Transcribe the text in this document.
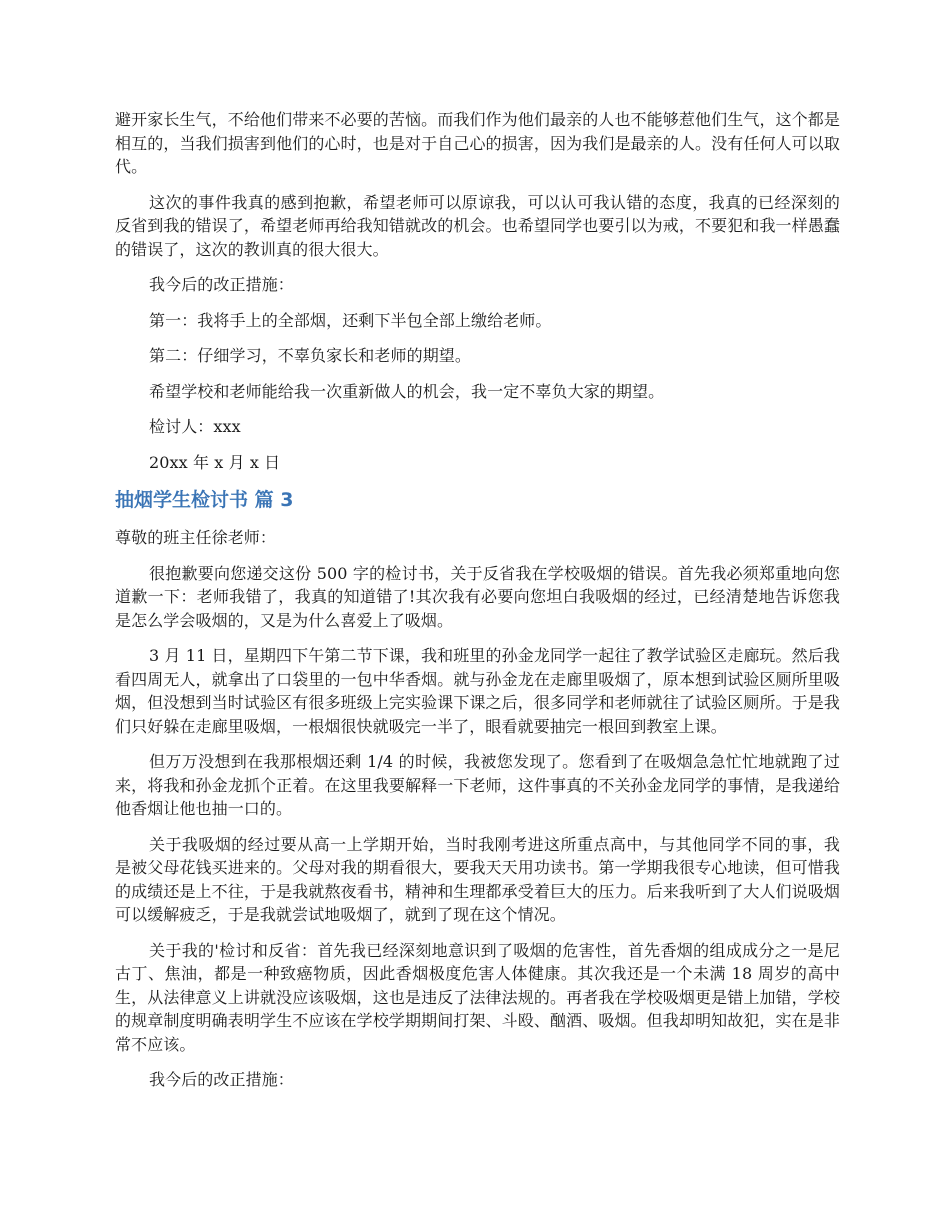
避开家长生气，不给他们带来不必要的苦恼。而我们作为他们最亲的人也不能够惹他们生气，这个都是相互的，当我们损害到他们的心时，也是对于自己心的损害，因为我们是最亲的人。没有任何人可以取代。

这次的事件我真的感到抱歉，希望老师可以原谅我，可以认可我认错的态度，我真的已经深刻的反省到我的错误了，希望老师再给我知错就改的机会。也希望同学也要引以为戒，不要犯和我一样愚蠢的错误了，这次的教训真的很大很大。

我今后的改正措施：

第一：我将手上的全部烟，还剩下半包全部上缴给老师。

第二：仔细学习，不辜负家长和老师的期望。

希望学校和老师能给我一次重新做人的机会，我一定不辜负大家的期望。

检讨人：xxx

20xx 年 x 月 x 日

抽烟学生检讨书 篇 3

尊敬的班主任徐老师：

很抱歉要向您递交这份 500 字的检讨书，关于反省我在学校吸烟的错误。首先我必须郑重地向您道歉一下：老师我错了，我真的知道错了!其次我有必要向您坦白我吸烟的经过，已经清楚地告诉您我是怎么学会吸烟的，又是为什么喜爱上了吸烟。

3 月 11 日，星期四下午第二节下课，我和班里的孙金龙同学一起往了教学试验区走廊玩。然后我看四周无人，就拿出了口袋里的一包中华香烟。就与孙金龙在走廊里吸烟了，原本想到试验区厕所里吸烟，但没想到当时试验区有很多班级上完实验课下课之后，很多同学和老师就往了试验区厕所。于是我们只好躲在走廊里吸烟，一根烟很快就吸完一半了，眼看就要抽完一根回到教室上课。

但万万没想到在我那根烟还剩 1/4 的时候，我被您发现了。您看到了在吸烟急急忙忙地就跑了过来，将我和孙金龙抓个正着。在这里我要解释一下老师，这件事真的不关孙金龙同学的事情，是我递给他香烟让他也抽一口的。

关于我吸烟的经过要从高一上学期开始，当时我刚考进这所重点高中，与其他同学不同的事，我是被父母花钱买进来的。父母对我的期看很大，要我天天用功读书。第一学期我很专心地读，但可惜我的成绩还是上不往，于是我就熬夜看书，精神和生理都承受着巨大的压力。后来我听到了大人们说吸烟可以缓解疲乏，于是我就尝试地吸烟了，就到了现在这个情况。

关于我的'检讨和反省：首先我已经深刻地意识到了吸烟的危害性，首先香烟的组成成分之一是尼古丁、焦油，都是一种致癌物质，因此香烟极度危害人体健康。其次我还是一个未满 18 周岁的高中生，从法律意义上讲就没应该吸烟，这也是违反了法律法规的。再者我在学校吸烟更是错上加错，学校的规章制度明确表明学生不应该在学校学期期间打架、斗殴、酗酒、吸烟。但我却明知故犯，实在是非常不应该。

我今后的改正措施：
